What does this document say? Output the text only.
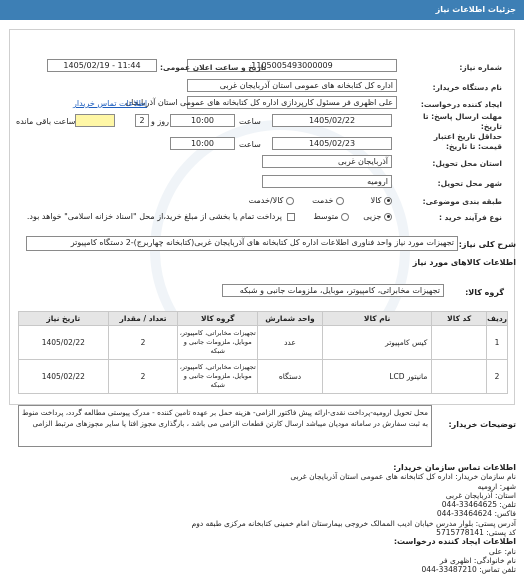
جزئیات اطلاعات نیاز
شماره نیاز:
1105005493000009
تاریخ و ساعت اعلان عمومی:
1405/02/19 - 11:44
نام دستگاه خریدار:
اداره کل کتابخانه های عمومی استان آذربایجان غربی
ایجاد کننده درخواست:
علی اظهری فر مسئول کارپردازی اداره کل کتابخانه های عمومی استان آذربایجان
اطلاعات تماس خریدار
مهلت ارسال پاسخ: تا تاریخ:
1405/02/22
ساعت
10:00
روز و
2
ساعت باقی مانده
حداقل تاریخ اعتبار قیمت: تا تاریخ:
1405/02/23
ساعت
10:00
استان محل تحویل:
آذربایجان غربی
شهر محل تحویل:
ارومیه
طبقه بندی موضوعی:
کالا
خدمت
کالا/خدمت
نوع فرآیند خرید :
جزیی
متوسط
پرداخت تمام یا بخشی از مبلغ خرید،از محل "اسناد خزانه اسلامی" خواهد بود.
شرح کلی نیاز:
تجهیزات مورد نیاز واحد فناوری اطلاعات اداره کل کتابخانه های آذربایجان غربی(کتابخانه چهاربرج)-2 دستگاه کامپیوتر
اطلاعات کالاهای مورد نیاز
گروه کالا:
تجهیزات مخابراتی، کامپیوتر، موبایل، ملزومات جانبی و شبکه
ردیف	کد کالا	نام کالا	واحد شمارش	گروه کالا	تعداد / مقدار	تاریخ نیاز
1		کیس کامپیوتر	عدد	تجهیزات مخابراتی، کامپیوتر، موبایل، ملزومات جانبی و شبکه	2	1405/02/22
2		مانیتور LCD	دستگاه	تجهیزات مخابراتی، کامپیوتر، موبایل، ملزومات جانبی و شبکه	2	1405/02/22
توضیحات خریدار:
محل تحویل ارومیه-پرداخت نقدی-ارائه پیش فاکتور الزامی- هزینه حمل بر عهده تامین کننده - مدرک پیوستی مطالعه گردد، پرداخت منوط به ثبت سفارش در سامانه مودیان میباشد ارسال کارتن قطعات الزامی می باشد ، بارگذاری مجوز افتا یا سایر مجوزهای مرتبط الزامی
اطلاعات تماس سازمان خریدار:
نام سازمان خریدار: اداره کل کتابخانه های عمومی استان آذربایجان غربی
شهر: ارومیه
استان: آذربایجان غربی
تلفن: 33464625-044
فاکس: 33464624-044
آدرس پستی: بلوار مدرس خیابان ادیب الممالک خروجی بیمارستان امام خمینی کتابخانه مرکزی طبقه دوم
کد پستی: 5715778141
اطلاعات ایجاد کننده درخواست:
نام: علی
نام خانوادگی: اظهری فر
تلفن تماس: 33487210-044
